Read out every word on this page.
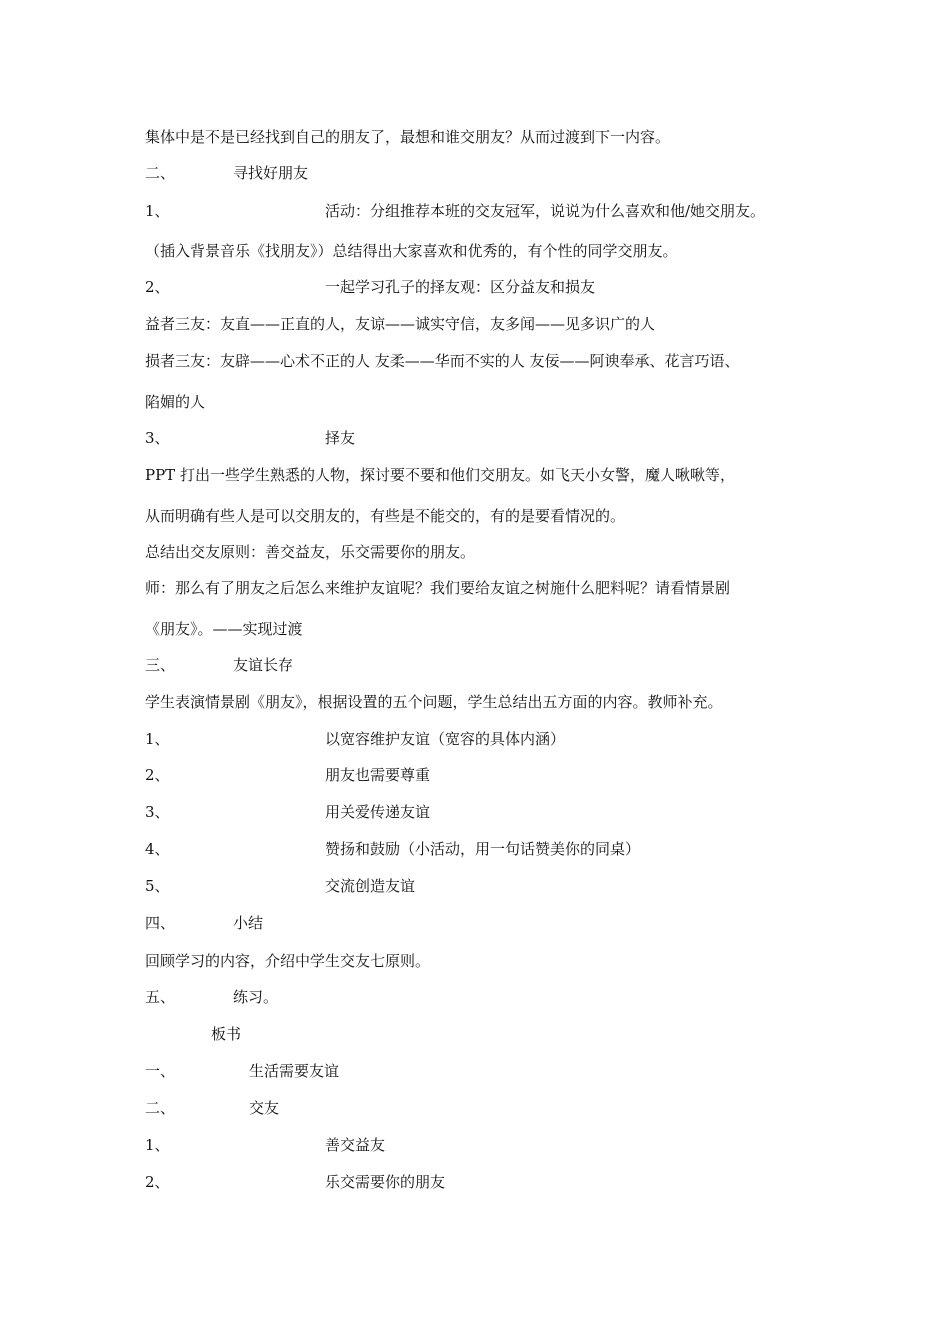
集体中是不是已经找到自己的朋友了，最想和谁交朋友？从而过渡到下一内容。
二、	寻找好朋友
1、	活动：分组推荐本班的交友冠军，说说为什么喜欢和他/她交朋友。
（插入背景音乐《找朋友》）总结得出大家喜欢和优秀的，有个性的同学交朋友。
2、	一起学习孔子的择友观：区分益友和损友
益者三友：友直——正直的人，友谅——诚实守信，友多闻——见多识广的人
损者三友：友辟——心术不正的人 友柔——华而不实的人 友佞——阿谀奉承、花言巧语、
陷媚的人
3、	择友
PPT 打出一些学生熟悉的人物，探讨要不要和他们交朋友。如飞天小女警，魔人啾啾等，
从而明确有些人是可以交朋友的，有些是不能交的，有的是要看情况的。
总结出交友原则：善交益友，乐交需要你的朋友。
师：那么有了朋友之后怎么来维护友谊呢？我们要给友谊之树施什么肥料呢？请看情景剧
《朋友》。——实现过渡
三、	友谊长存
学生表演情景剧《朋友》，根据设置的五个问题，学生总结出五方面的内容。教师补充。
1、	以宽容维护友谊（宽容的具体内涵）
2、	朋友也需要尊重
3、	用关爱传递友谊
4、	赞扬和鼓励（小活动，用一句话赞美你的同桌）
5、	交流创造友谊
四、	小结
回顾学习的内容，介绍中学生交友七原则。
五、	练习。
板书
一、	生活需要友谊
二、	交友
1、	善交益友
2、	乐交需要你的朋友
